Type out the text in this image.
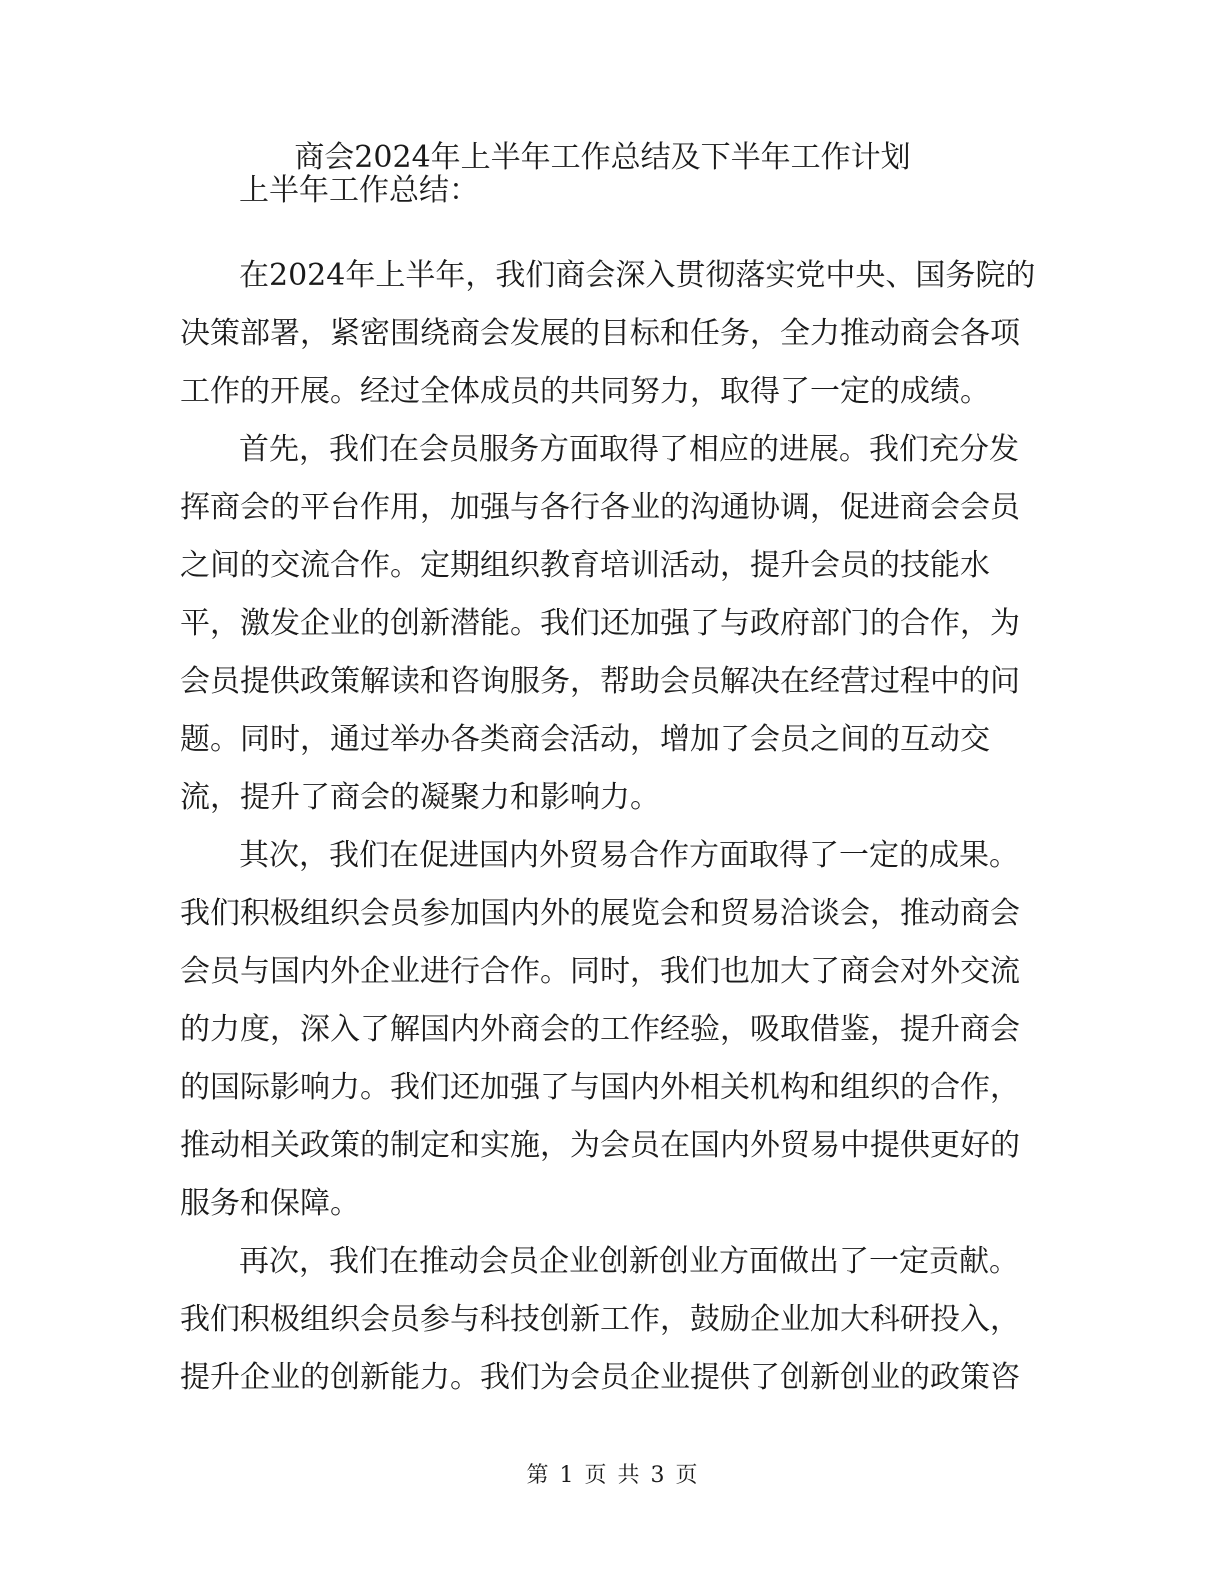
商会2024年上半年工作总结及下半年工作计划

上半年工作总结：

在2024年上半年，我们商会深入贯彻落实党中央、国务院的

决策部署，紧密围绕商会发展的目标和任务，全力推动商会各项

工作的开展。经过全体成员的共同努力，取得了一定的成绩。

首先，我们在会员服务方面取得了相应的进展。我们充分发

挥商会的平台作用，加强与各行各业的沟通协调，促进商会会员

之间的交流合作。定期组织教育培训活动，提升会员的技能水

平，激发企业的创新潜能。我们还加强了与政府部门的合作，为

会员提供政策解读和咨询服务，帮助会员解决在经营过程中的问

题。同时，通过举办各类商会活动，增加了会员之间的互动交

流，提升了商会的凝聚力和影响力。

其次，我们在促进国内外贸易合作方面取得了一定的成果。

我们积极组织会员参加国内外的展览会和贸易洽谈会，推动商会

会员与国内外企业进行合作。同时，我们也加大了商会对外交流

的力度，深入了解国内外商会的工作经验，吸取借鉴，提升商会

的国际影响力。我们还加强了与国内外相关机构和组织的合作，

推动相关政策的制定和实施，为会员在国内外贸易中提供更好的

服务和保障。

再次，我们在推动会员企业创新创业方面做出了一定贡献。

我们积极组织会员参与科技创新工作，鼓励企业加大科研投入，

提升企业的创新能力。我们为会员企业提供了创新创业的政策咨

第 1 页 共 3 页
